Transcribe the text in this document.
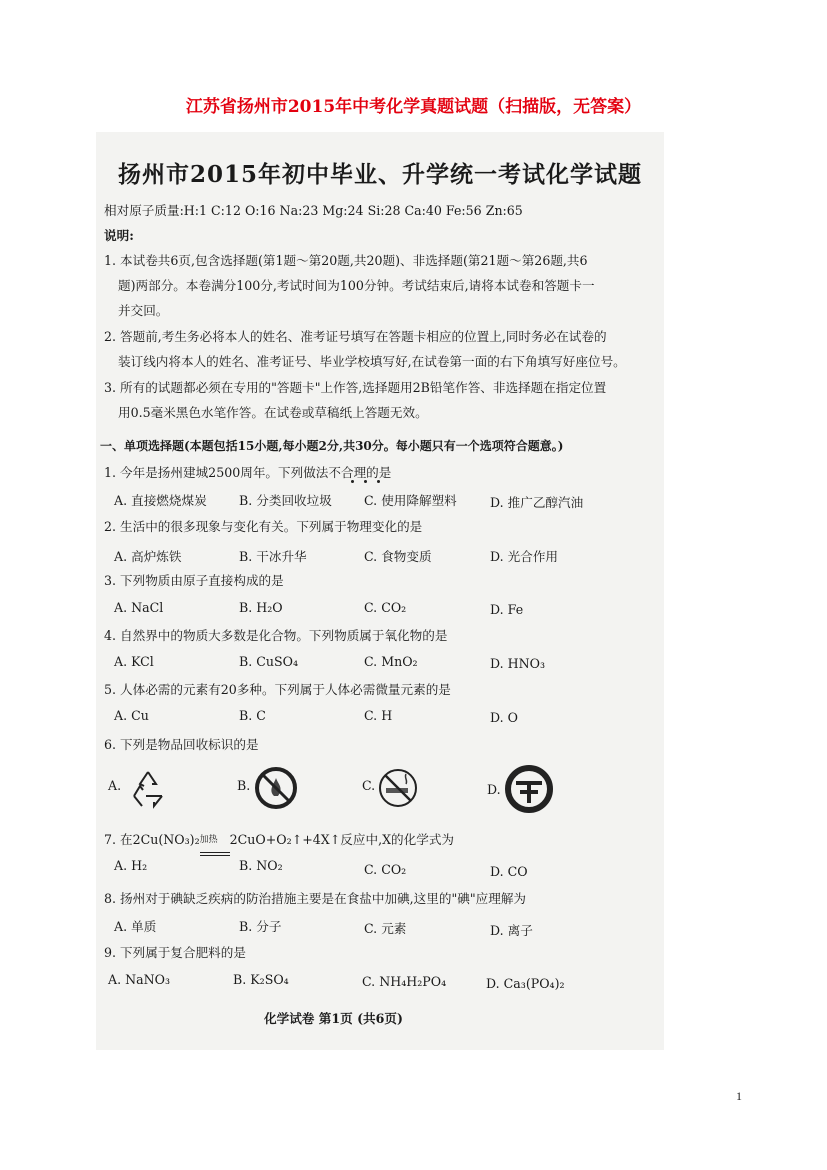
江苏省扬州市2015年中考化学真题试题（扫描版，无答案）
扬州市2015年初中毕业、升学统一考试化学试题
相对原子质量:H:1 C:12 O:16 Na:23 Mg:24 Si:28 Ca:40 Fe:56 Zn:65
说明:
1. 本试卷共6页,包含选择题(第1题～第20题,共20题)、非选择题(第21题～第26题,共6
题)两部分。本卷满分100分,考试时间为100分钟。考试结束后,请将本试卷和答题卡一
并交回。
2. 答题前,考生务必将本人的姓名、准考证号填写在答题卡相应的位置上,同时务必在试卷的
装订线内将本人的姓名、准考证号、毕业学校填写好,在试卷第一面的右下角填写好座位号。
3. 所有的试题都必须在专用的"答题卡"上作答,选择题用2B铅笔作答、非选择题在指定位置
用0.5毫米黑色水笔作答。在试卷或草稿纸上答题无效。
一、单项选择题(本题包括15小题,每小题2分,共30分。每小题只有一个选项符合题意。)
1. 今年是扬州建城2500周年。下列做法不合理的是
A. 直接燃烧煤炭	B. 分类回收垃圾	C. 使用降解塑料	D. 推广乙醇汽油
2. 生活中的很多现象与变化有关。下列属于物理变化的是
A. 高炉炼铁	B. 干冰升华	C. 食物变质	D. 光合作用
3. 下列物质由原子直接构成的是
A. NaCl	B. H₂O	C. CO₂	D. Fe
4. 自然界中的物质大多数是化合物。下列物质属于氧化物的是
A. KCl	B. CuSO₄	C. MnO₂	D. HNO₃
5. 人体必需的元素有20多种。下列属于人体必需微量元素的是
A. Cu	B. C	C. H	D. O
6. 下列是物品回收标识的是
A.	B.	C.	D.
7. 在2Cu(NO₃)₂ 加热 2CuO+O₂↑+4X↑反应中,X的化学式为
A. H₂	B. NO₂	C. CO₂	D. CO
8. 扬州对于碘缺乏疾病的防治措施主要是在食盐中加碘,这里的"碘"应理解为
A. 单质	B. 分子	C. 元素	D. 离子
9. 下列属于复合肥料的是
A. NaNO₃	B. K₂SO₄	C. NH₄H₂PO₄	D. Ca₃(PO₄)₂
化学试卷 第1页 (共6页)
1
